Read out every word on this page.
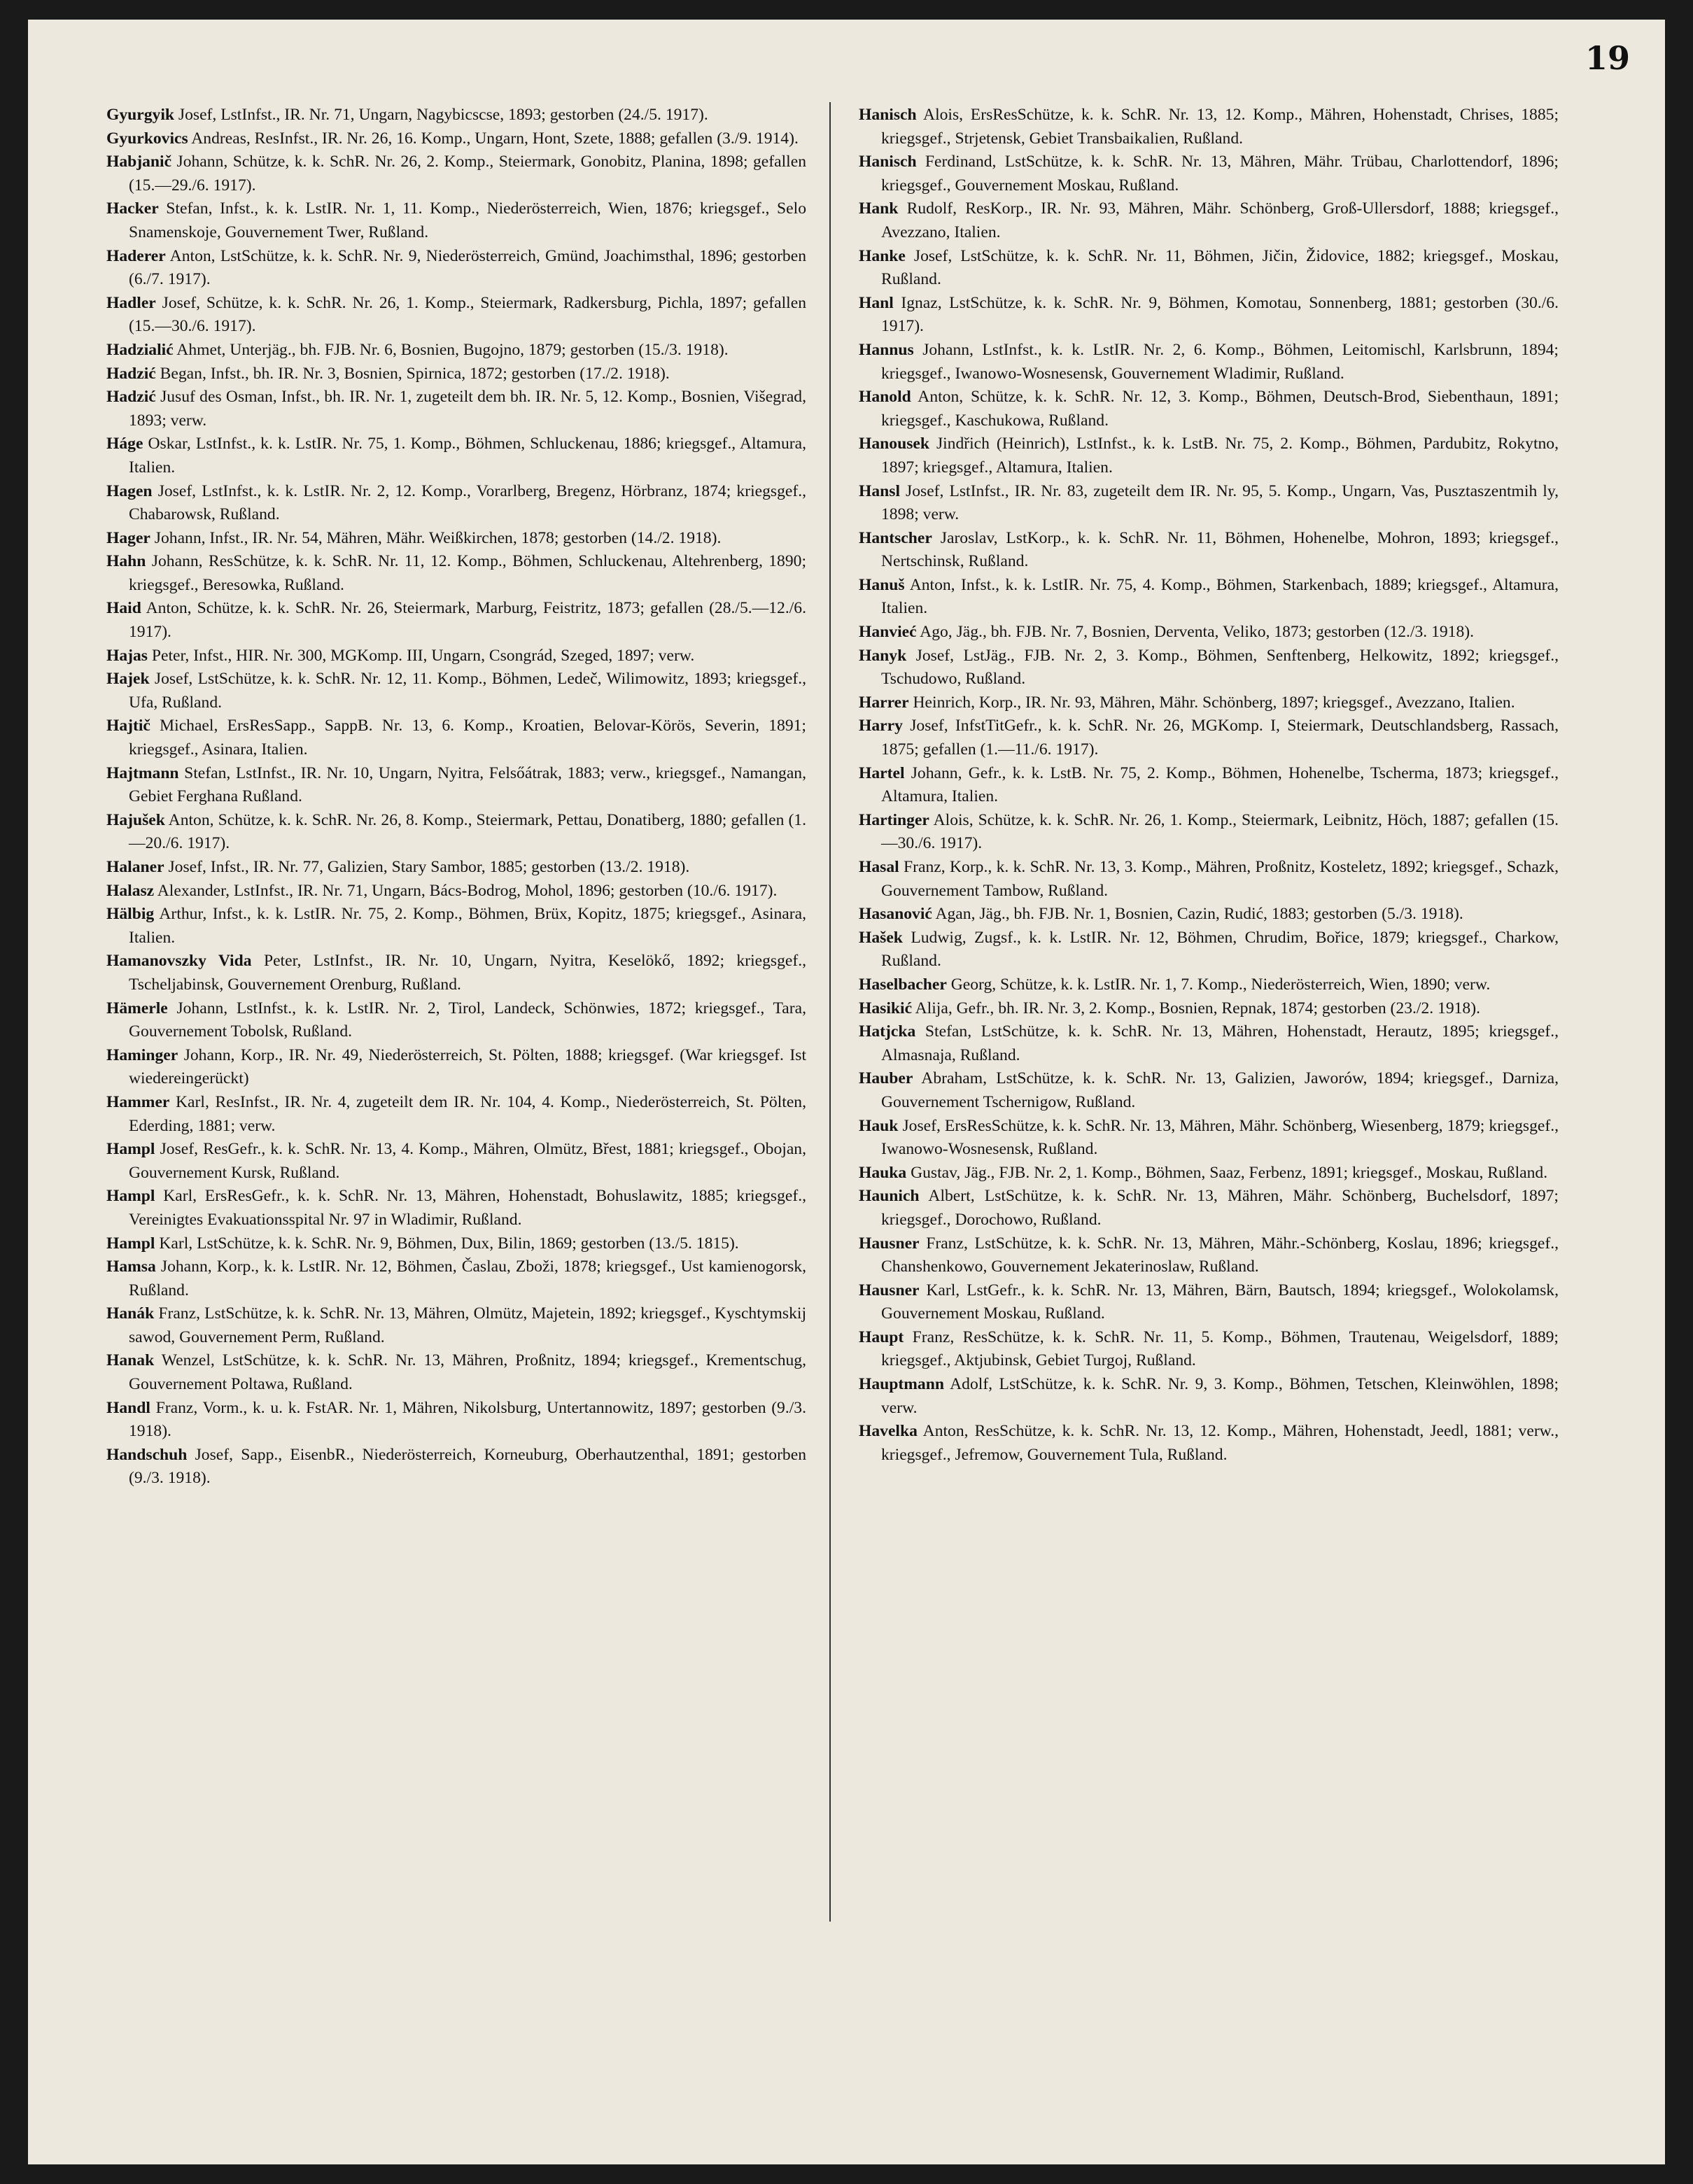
19

Gyurgyik Josef, LstInfst., IR. Nr. 71, Ungarn, Nagybicscse, 1893; gestorben (24./5. 1917).

Gyurkovics Andreas, ResInfst., IR. Nr. 26, 16. Komp., Ungarn, Hont, Szete, 1888; gefallen (3./9. 1914).

Habjanič Johann, Schütze, k. k. SchR. Nr. 26, 2. Komp., Steiermark, Gonobitz, Planina, 1898; gefallen (15.—29./6. 1917).

Hacker Stefan, Infst., k. k. LstIR. Nr. 1, 11. Komp., Niederösterreich, Wien, 1876; kriegsgef., Selo Snamenskoje, Gouvernement Twer, Rußland.

Haderer Anton, LstSchütze, k. k. SchR. Nr. 9, Niederösterreich, Gmünd, Joachimsthal, 1896; gestorben (6./7. 1917).

Hadler Josef, Schütze, k. k. SchR. Nr. 26, 1. Komp., Steiermark, Radkersburg, Pichla, 1897; gefallen (15.—30./6. 1917).

Hadzialić Ahmet, Unterjäg., bh. FJB. Nr. 6, Bosnien, Bugojno, 1879; gestorben (15./3. 1918).

Hadzić Began, Infst., bh. IR. Nr. 3, Bosnien, Spirnica, 1872; gestorben (17./2. 1918).

Hadzić Jusuf des Osman, Infst., bh. IR. Nr. 1, zugeteilt dem bh. IR. Nr. 5, 12. Komp., Bosnien, Višegrad, 1893; verw.

Háge Oskar, LstInfst., k. k. LstIR. Nr. 75, 1. Komp., Böhmen, Schluckenau, 1886; kriegsgef., Altamura, Italien.

Hagen Josef, LstInfst., k. k. LstIR. Nr. 2, 12. Komp., Vorarlberg, Bregenz, Hörbranz, 1874; kriegsgef., Chabarowsk, Rußland.

Hager Johann, Infst., IR. Nr. 54, Mähren, Mähr. Weißkirchen, 1878; gestorben (14./2. 1918).

Hahn Johann, ResSchütze, k. k. SchR. Nr. 11, 12. Komp., Böhmen, Schluckenau, Altehrenberg, 1890; kriegsgef., Beresowka, Rußland.

Haid Anton, Schütze, k. k. SchR. Nr. 26, Steiermark, Marburg, Feistritz, 1873; gefallen (28./5.—12./6. 1917).

Hajas Peter, Infst., HIR. Nr. 300, MGKomp. III, Ungarn, Csongrád, Szeged, 1897; verw.

Hajek Josef, LstSchütze, k. k. SchR. Nr. 12, 11. Komp., Böhmen, Ledeč, Wilimowitz, 1893; kriegsgef., Ufa, Rußland.

Hajtič Michael, ErsResSapp., SappB. Nr. 13, 6. Komp., Kroatien, Belovar-Körös, Severin, 1891; kriegsgef., Asinara, Italien.

Hajtmann Stefan, LstInfst., IR. Nr. 10, Ungarn, Nyitra, Felsőátrak, 1883; verw., kriegsgef., Namangan, Gebiet Ferghana Rußland.

Hajušek Anton, Schütze, k. k. SchR. Nr. 26, 8. Komp., Steiermark, Pettau, Donatiberg, 1880; gefallen (1.—20./6. 1917).

Halaner Josef, Infst., IR. Nr. 77, Galizien, Stary Sambor, 1885; gestorben (13./2. 1918).

Halasz Alexander, LstInfst., IR. Nr. 71, Ungarn, Bács-Bodrog, Mohol, 1896; gestorben (10./6. 1917).

Hälbig Arthur, Infst., k. k. LstIR. Nr. 75, 2. Komp., Böhmen, Brüx, Kopitz, 1875; kriegsgef., Asinara, Italien.

Hamanovszky Vida Peter, LstInfst., IR. Nr. 10, Ungarn, Nyitra, Keselökő, 1892; kriegsgef., Tscheljabinsk, Gouvernement Orenburg, Rußland.

Hämerle Johann, LstInfst., k. k. LstIR. Nr. 2, Tirol, Landeck, Schönwies, 1872; kriegsgef., Tara, Gouvernement Tobolsk, Rußland.

Haminger Johann, Korp., IR. Nr. 49, Niederösterreich, St. Pölten, 1888; kriegsgef. (War kriegsgef. Ist wiedereingerückt)

Hammer Karl, ResInfst., IR. Nr. 4, zugeteilt dem IR. Nr. 104, 4. Komp., Niederösterreich, St. Pölten, Ederding, 1881; verw.

Hampl Josef, ResGefr., k. k. SchR. Nr. 13, 4. Komp., Mähren, Olmütz, Břest, 1881; kriegsgef., Obojan, Gouvernement Kursk, Rußland.

Hampl Karl, ErsResGefr., k. k. SchR. Nr. 13, Mähren, Hohenstadt, Bohuslawitz, 1885; kriegsgef., Vereinigtes Evakuationsspital Nr. 97 in Wladimir, Rußland.

Hampl Karl, LstSchütze, k. k. SchR. Nr. 9, Böhmen, Dux, Bilin, 1869; gestorben (13./5. 1815).

Hamsa Johann, Korp., k. k. LstIR. Nr. 12, Böhmen, Časlau, Zboži, 1878; kriegsgef., Ust kamienogorsk, Rußland.

Hanák Franz, LstSchütze, k. k. SchR. Nr. 13, Mähren, Olmütz, Majetein, 1892; kriegsgef., Kyschtymskij sawod, Gouvernement Perm, Rußland.

Hanak Wenzel, LstSchütze, k. k. SchR. Nr. 13, Mähren, Proßnitz, 1894; kriegsgef., Krementschug, Gouvernement Poltawa, Rußland.

Handl Franz, Vorm., k. u. k. FstAR. Nr. 1, Mähren, Nikolsburg, Untertannowitz, 1897; gestorben (9./3. 1918).

Handschuh Josef, Sapp., EisenbR., Niederösterreich, Korneuburg, Oberhautzenthal, 1891; gestorben (9./3. 1918).

Hanisch Alois, ErsResSchütze, k. k. SchR. Nr. 13, 12. Komp., Mähren, Hohenstadt, Chrises, 1885; kriegsgef., Strjetensk, Gebiet Transbaikalien, Rußland.

Hanisch Ferdinand, LstSchütze, k. k. SchR. Nr. 13, Mähren, Mähr. Trübau, Charlottendorf, 1896; kriegsgef., Gouvernement Moskau, Rußland.

Hank Rudolf, ResKorp., IR. Nr. 93, Mähren, Mähr. Schönberg, Groß-Ullersdorf, 1888; kriegsgef., Avezzano, Italien.

Hanke Josef, LstSchütze, k. k. SchR. Nr. 11, Böhmen, Jičin, Židovice, 1882; kriegsgef., Moskau, Rußland.

Hanl Ignaz, LstSchütze, k. k. SchR. Nr. 9, Böhmen, Komotau, Sonnenberg, 1881; gestorben (30./6. 1917).

Hannus Johann, LstInfst., k. k. LstIR. Nr. 2, 6. Komp., Böhmen, Leitomischl, Karlsbrunn, 1894; kriegsgef., Iwanowo-Wosnesensk, Gouvernement Wladimir, Rußland.

Hanold Anton, Schütze, k. k. SchR. Nr. 12, 3. Komp., Böhmen, Deutsch-Brod, Siebenthaun, 1891; kriegsgef., Kaschukowa, Rußland.

Hanousek Jindřich (Heinrich), LstInfst., k. k. LstB. Nr. 75, 2. Komp., Böhmen, Pardubitz, Rokytno, 1897; kriegsgef., Altamura, Italien.

Hansl Josef, LstInfst., IR. Nr. 83, zugeteilt dem IR. Nr. 95, 5. Komp., Ungarn, Vas, Pusztaszentmih ly, 1898; verw.

Hantscher Jaroslav, LstKorp., k. k. SchR. Nr. 11, Böhmen, Hohenelbe, Mohron, 1893; kriegsgef., Nertschinsk, Rußland.

Hanuš Anton, Infst., k. k. LstIR. Nr. 75, 4. Komp., Böhmen, Starkenbach, 1889; kriegsgef., Altamura, Italien.

Hanvieć Ago, Jäg., bh. FJB. Nr. 7, Bosnien, Derventa, Veliko, 1873; gestorben (12./3. 1918).

Hanyk Josef, LstJäg., FJB. Nr. 2, 3. Komp., Böhmen, Senftenberg, Helkowitz, 1892; kriegsgef., Tschudowo, Rußland.

Harrer Heinrich, Korp., IR. Nr. 93, Mähren, Mähr. Schönberg, 1897; kriegsgef., Avezzano, Italien.

Harry Josef, InfstTitGefr., k. k. SchR. Nr. 26, MGKomp. I, Steiermark, Deutschlandsberg, Rassach, 1875; gefallen (1.—11./6. 1917).

Hartel Johann, Gefr., k. k. LstB. Nr. 75, 2. Komp., Böhmen, Hohenelbe, Tscherma, 1873; kriegsgef., Altamura, Italien.

Hartinger Alois, Schütze, k. k. SchR. Nr. 26, 1. Komp., Steiermark, Leibnitz, Höch, 1887; gefallen (15.—30./6. 1917).

Hasal Franz, Korp., k. k. SchR. Nr. 13, 3. Komp., Mähren, Proßnitz, Kosteletz, 1892; kriegsgef., Schazk, Gouvernement Tambow, Rußland.

Hasanović Agan, Jäg., bh. FJB. Nr. 1, Bosnien, Cazin, Rudić, 1883; gestorben (5./3. 1918).

Hašek Ludwig, Zugsf., k. k. LstIR. Nr. 12, Böhmen, Chrudim, Bořice, 1879; kriegsgef., Charkow, Rußland.

Haselbacher Georg, Schütze, k. k. LstIR. Nr. 1, 7. Komp., Niederösterreich, Wien, 1890; verw.

Hasikić Alija, Gefr., bh. IR. Nr. 3, 2. Komp., Bosnien, Repnak, 1874; gestorben (23./2. 1918).

Hatjcka Stefan, LstSchütze, k. k. SchR. Nr. 13, Mähren, Hohenstadt, Herautz, 1895; kriegsgef., Almasnaja, Rußland.

Hauber Abraham, LstSchütze, k. k. SchR. Nr. 13, Galizien, Jaworów, 1894; kriegsgef., Darniza, Gouvernement Tschernigow, Rußland.

Hauk Josef, ErsResSchütze, k. k. SchR. Nr. 13, Mähren, Mähr. Schönberg, Wiesenberg, 1879; kriegsgef., Iwanowo-Wosnesensk, Rußland.

Hauka Gustav, Jäg., FJB. Nr. 2, 1. Komp., Böhmen, Saaz, Ferbenz, 1891; kriegsgef., Moskau, Rußland.

Haunich Albert, LstSchütze, k. k. SchR. Nr. 13, Mähren, Mähr. Schönberg, Buchelsdorf, 1897; kriegsgef., Dorochowo, Rußland.

Hausner Franz, LstSchütze, k. k. SchR. Nr. 13, Mähren, Mähr.-Schönberg, Koslau, 1896; kriegsgef., Chanshenkowo, Gouvernement Jekaterinoslaw, Rußland.

Hausner Karl, LstGefr., k. k. SchR. Nr. 13, Mähren, Bärn, Bautsch, 1894; kriegsgef., Wolokolamsk, Gouvernement Moskau, Rußland.

Haupt Franz, ResSchütze, k. k. SchR. Nr. 11, 5. Komp., Böhmen, Trautenau, Weigelsdorf, 1889; kriegsgef., Aktjubinsk, Gebiet Turgoj, Rußland.

Hauptmann Adolf, LstSchütze, k. k. SchR. Nr. 9, 3. Komp., Böhmen, Tetschen, Kleinwöhlen, 1898; verw.

Havelka Anton, ResSchütze, k. k. SchR. Nr. 13, 12. Komp., Mähren, Hohenstadt, Jeedl, 1881; verw., kriegsgef., Jefremow, Gouvernement Tula, Rußland.
